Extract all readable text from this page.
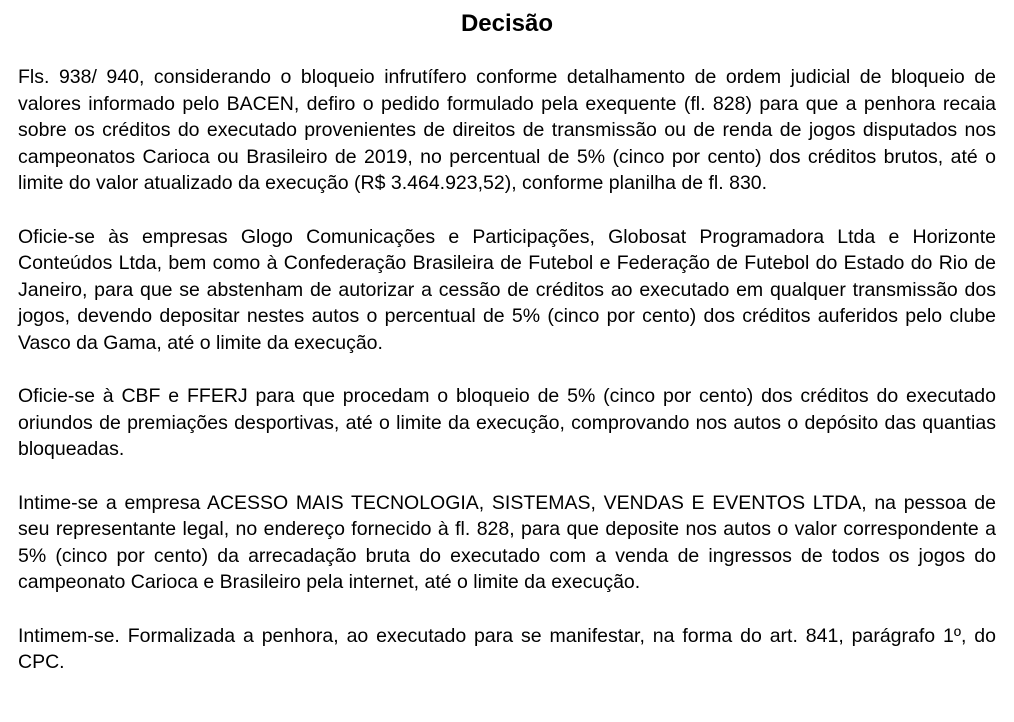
Decisão
Fls. 938/ 940, considerando o bloqueio infrutífero conforme detalhamento de ordem judicial de bloqueio de valores informado pelo BACEN, defiro o pedido formulado pela exequente (fl. 828) para que a penhora recaia sobre os créditos do executado provenientes de direitos de transmissão ou de renda de jogos disputados nos campeonatos Carioca ou Brasileiro de 2019, no percentual de 5% (cinco por cento) dos créditos brutos, até o limite do valor atualizado da execução (R$ 3.464.923,52), conforme planilha de fl. 830.
Oficie-se às empresas Glogo Comunicações e Participações, Globosat Programadora Ltda e Horizonte Conteúdos Ltda, bem como à Confederação Brasileira de Futebol e Federação de Futebol do Estado do Rio de Janeiro, para que se abstenham de autorizar a cessão de créditos ao executado em qualquer transmissão dos jogos, devendo depositar nestes autos o percentual de 5% (cinco por cento) dos créditos auferidos pelo clube Vasco da Gama, até o limite da execução.
Oficie-se à CBF e FFERJ para que procedam o bloqueio de 5% (cinco por cento) dos créditos do executado oriundos de premiações desportivas, até o limite da execução, comprovando nos autos o depósito das quantias bloqueadas.
Intime-se a empresa ACESSO MAIS TECNOLOGIA, SISTEMAS, VENDAS E EVENTOS LTDA, na pessoa de seu representante legal, no endereço fornecido à fl. 828, para que deposite nos autos o valor correspondente a 5% (cinco por cento) da arrecadação bruta do executado com a venda de ingressos de todos os jogos do campeonato Carioca e Brasileiro pela internet, até o limite da execução.
Intimem-se. Formalizada a penhora, ao executado para se manifestar, na forma do art. 841, parágrafo 1º, do CPC.
